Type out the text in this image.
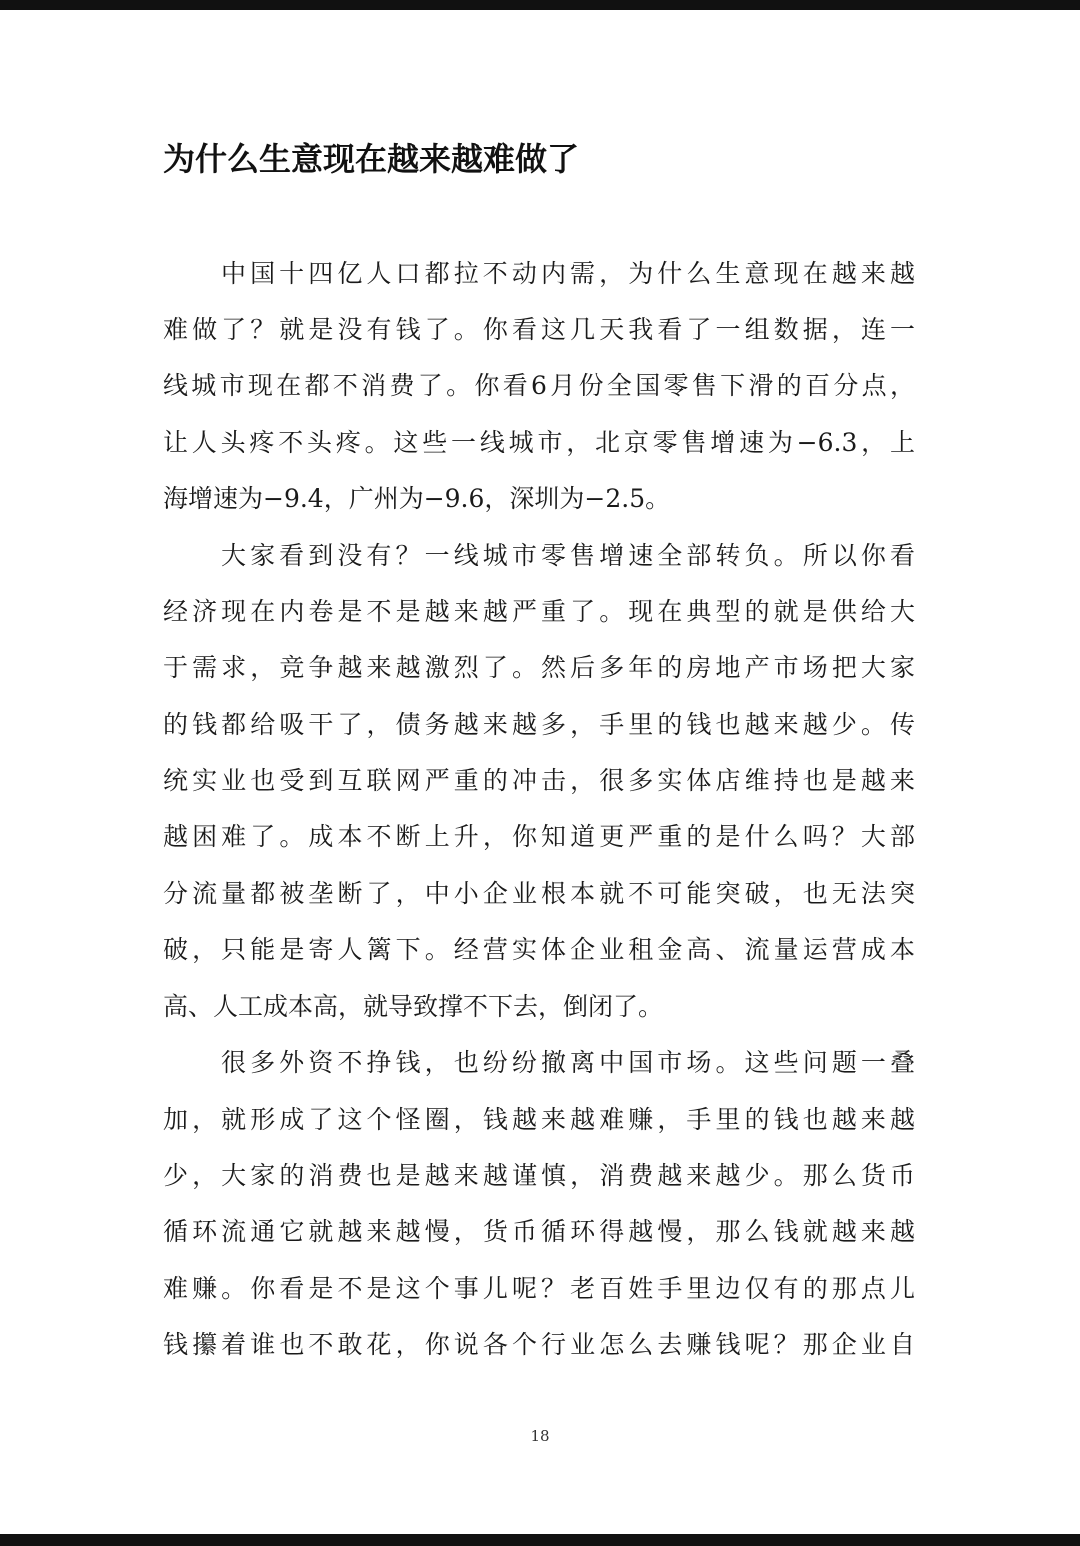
为什么生意现在越来越难做了

中国十四亿人口都拉不动内需，为什么生意现在越来越

难做了？就是没有钱了。你看这几天我看了一组数据，连一

线城市现在都不消费了。你看6月份全国零售下滑的百分点，

让人头疼不头疼。这些一线城市，北京零售增速为−6.3，上

海增速为−9.4，广州为−9.6，深圳为−2.5。

大家看到没有？一线城市零售增速全部转负。所以你看

经济现在内卷是不是越来越严重了。现在典型的就是供给大

于需求，竞争越来越激烈了。然后多年的房地产市场把大家

的钱都给吸干了，债务越来越多，手里的钱也越来越少。传

统实业也受到互联网严重的冲击，很多实体店维持也是越来

越困难了。成本不断上升，你知道更严重的是什么吗？大部

分流量都被垄断了，中小企业根本就不可能突破，也无法突

破，只能是寄人篱下。经营实体企业租金高、流量运营成本

高、人工成本高，就导致撑不下去，倒闭了。

很多外资不挣钱，也纷纷撤离中国市场。这些问题一叠

加，就形成了这个怪圈，钱越来越难赚，手里的钱也越来越

少，大家的消费也是越来越谨慎，消费越来越少。那么货币

循环流通它就越来越慢，货币循环得越慢，那么钱就越来越

难赚。你看是不是这个事儿呢？老百姓手里边仅有的那点儿

钱攥着谁也不敢花，你说各个行业怎么去赚钱呢？那企业自

18
